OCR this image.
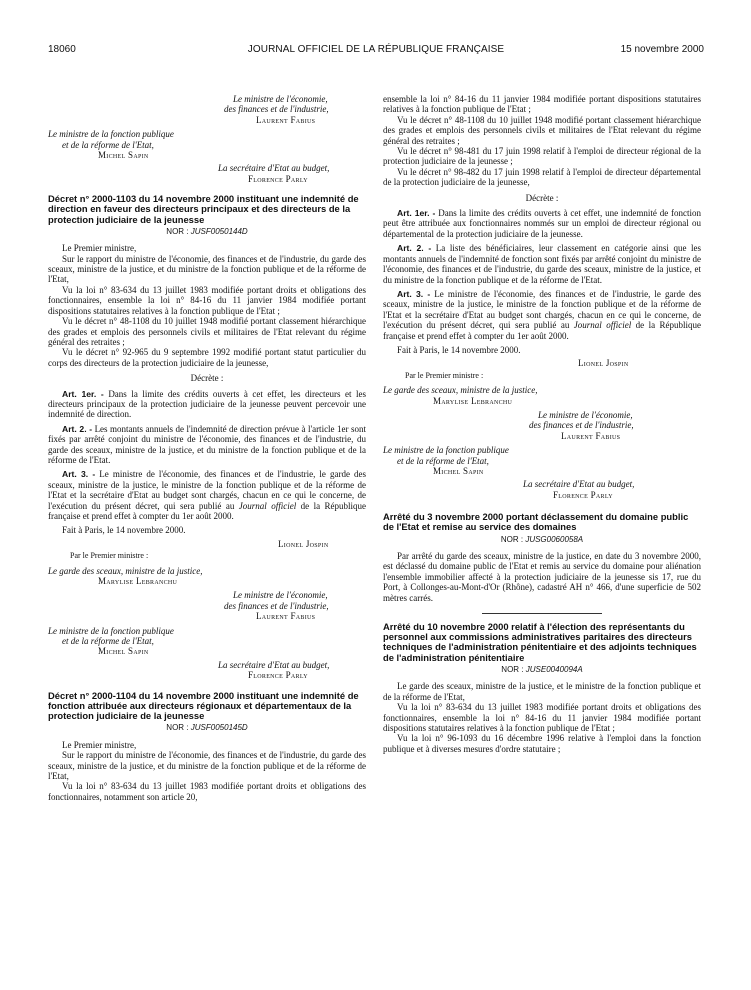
18060	JOURNAL OFFICIEL DE LA RÉPUBLIQUE FRANÇAISE	15 novembre 2000

Le ministre de l'économie,

des finances et de l'industrie,

Laurent Fabius

Le ministre de la fonction publique

et de la réforme de l'Etat,

Michel Sapin

La secrétaire d'Etat au budget,

Florence Parly

Décret n° 2000-1103 du 14 novembre 2000 instituant une indemnité de direction en faveur des directeurs principaux et des directeurs de la protection judiciaire de la jeunesse

NOR : JUSF0050144D

Le Premier ministre,

Sur le rapport du ministre de l'économie, des finances et de l'industrie, du garde des sceaux, ministre de la justice, et du ministre de la fonction publique et de la réforme de l'Etat,

Vu la loi n° 83-634 du 13 juillet 1983 modifiée portant droits et obligations des fonctionnaires, ensemble la loi n° 84-16 du 11 janvier 1984 modifiée portant dispositions statutaires relatives à la fonction publique de l'Etat ;

Vu le décret n° 48-1108 du 10 juillet 1948 modifié portant classement hiérarchique des grades et emplois des personnels civils et militaires de l'Etat relevant du régime général des retraites ;

Vu le décret n° 92-965 du 9 septembre 1992 modifié portant statut particulier du corps des directeurs de la protection judiciaire de la jeunesse,

Décrète :

Art. 1er. - Dans la limite des crédits ouverts à cet effet, les directeurs et les directeurs principaux de la protection judiciaire de la jeunesse peuvent percevoir une indemnité de direction.

Art. 2. - Les montants annuels de l'indemnité de direction prévue à l'article 1er sont fixés par arrêté conjoint du ministre de l'économie, des finances et de l'industrie, du garde des sceaux, ministre de la justice, et du ministre de la fonction publique et de la réforme de l'Etat.

Art. 3. - Le ministre de l'économie, des finances et de l'industrie, le garde des sceaux, ministre de la justice, le ministre de la fonction publique et de la réforme de l'Etat et la secrétaire d'Etat au budget sont chargés, chacun en ce qui le concerne, de l'exécution du présent décret, qui sera publié au Journal officiel de la République française et prend effet à compter du 1er août 2000.

Fait à Paris, le 14 novembre 2000.

Lionel Jospin

Par le Premier ministre :

Le garde des sceaux, ministre de la justice,

Marylise Lebranchu

Le ministre de l'économie,

des finances et de l'industrie,

Laurent Fabius

Le ministre de la fonction publique

et de la réforme de l'Etat,

Michel Sapin

La secrétaire d'Etat au budget,

Florence Parly

Décret n° 2000-1104 du 14 novembre 2000 instituant une indemnité de fonction attribuée aux directeurs régionaux et départementaux de la protection judiciaire de la jeunesse

NOR : JUSF0050145D

Le Premier ministre,

Sur le rapport du ministre de l'économie, des finances et de l'industrie, du garde des sceaux, ministre de la justice, et du ministre de la fonction publique et de la réforme de l'Etat,

Vu la loi n° 83-634 du 13 juillet 1983 modifiée portant droits et obligations des fonctionnaires, notamment son article 20,

ensemble la loi n° 84-16 du 11 janvier 1984 modifiée portant dispositions statutaires relatives à la fonction publique de l'Etat ;

Vu le décret n° 48-1108 du 10 juillet 1948 modifié portant classement hiérarchique des grades et emplois des personnels civils et militaires de l'Etat relevant du régime général des retraites ;

Vu le décret n° 98-481 du 17 juin 1998 relatif à l'emploi de directeur régional de la protection judiciaire de la jeunesse ;

Vu le décret n° 98-482 du 17 juin 1998 relatif à l'emploi de directeur départemental de la protection judiciaire de la jeunesse,

Décrète :

Art. 1er. - Dans la limite des crédits ouverts à cet effet, une indemnité de fonction peut être attribuée aux fonctionnaires nommés sur un emploi de directeur régional ou départemental de la protection judiciaire de la jeunesse.

Art. 2. - La liste des bénéficiaires, leur classement en catégorie ainsi que les montants annuels de l'indemnité de fonction sont fixés par arrêté conjoint du ministre de l'économie, des finances et de l'industrie, du garde des sceaux, ministre de la justice, et du ministre de la fonction publique et de la réforme de l'Etat.

Art. 3. - Le ministre de l'économie, des finances et de l'industrie, le garde des sceaux, ministre de la justice, le ministre de la fonction publique et de la réforme de l'Etat et la secrétaire d'Etat au budget sont chargés, chacun en ce qui le concerne, de l'exécution du présent décret, qui sera publié au Journal officiel de la République française et prend effet à compter du 1er août 2000.

Fait à Paris, le 14 novembre 2000.

Lionel Jospin

Par le Premier ministre :

Le garde des sceaux, ministre de la justice,

Marylise Lebranchu

Le ministre de l'économie,

des finances et de l'industrie,

Laurent Fabius

Le ministre de la fonction publique

et de la réforme de l'Etat,

Michel Sapin

La secrétaire d'Etat au budget,

Florence Parly

Arrêté du 3 novembre 2000 portant déclassement du domaine public de l'Etat et remise au service des domaines

NOR : JUSG0060058A

Par arrêté du garde des sceaux, ministre de la justice, en date du 3 novembre 2000, est déclassé du domaine public de l'Etat et remis au service du domaine pour aliénation l'ensemble immobilier affecté à la protection judiciaire de la jeunesse sis 17, rue du Port, à Collonges-au-Mont-d'Or (Rhône), cadastré AH n° 466, d'une superficie de 502 mètres carrés.

Arrêté du 10 novembre 2000 relatif à l'élection des représentants du personnel aux commissions administratives paritaires des directeurs techniques de l'administration pénitentiaire et des adjoints techniques de l'administration pénitentiaire

NOR : JUSE0040094A

Le garde des sceaux, ministre de la justice, et le ministre de la fonction publique et de la réforme de l'Etat,

Vu la loi n° 83-634 du 13 juillet 1983 modifiée portant droits et obligations des fonctionnaires, ensemble la loi n° 84-16 du 11 janvier 1984 modifiée portant dispositions statutaires relatives à la fonction publique de l'Etat ;

Vu la loi n° 96-1093 du 16 décembre 1996 relative à l'emploi dans la fonction publique et à diverses mesures d'ordre statutaire ;
